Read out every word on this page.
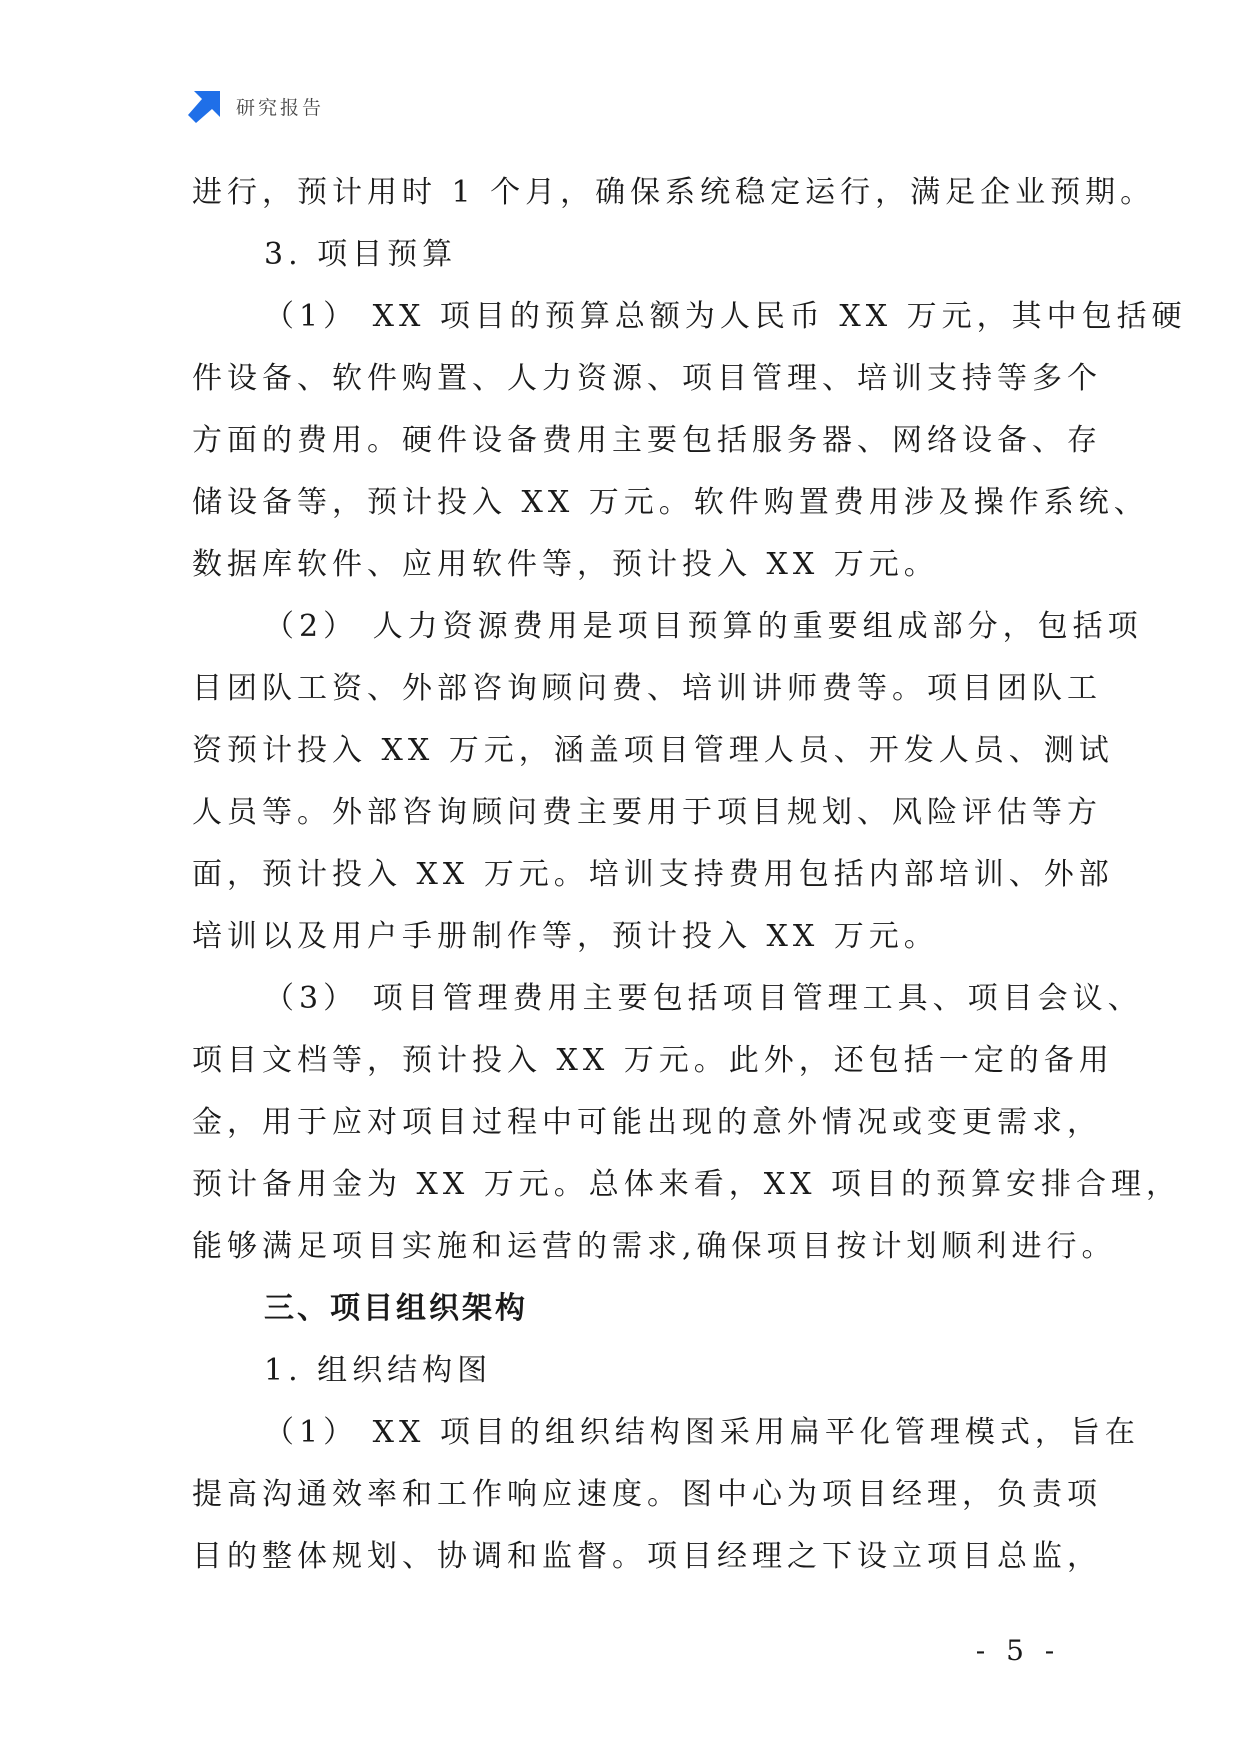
研究报告

进行，预计用时 1 个月，确保系统稳定运行，满足企业预期。

3. 项目预算

（1） XX 项目的预算总额为人民币 XX 万元，其中包括硬

件设备、软件购置、人力资源、项目管理、培训支持等多个

方面的费用。硬件设备费用主要包括服务器、网络设备、存

储设备等，预计投入 XX 万元。软件购置费用涉及操作系统、

数据库软件、应用软件等，预计投入 XX 万元。

（2） 人力资源费用是项目预算的重要组成部分，包括项

目团队工资、外部咨询顾问费、培训讲师费等。项目团队工

资预计投入 XX 万元，涵盖项目管理人员、开发人员、测试

人员等。外部咨询顾问费主要用于项目规划、风险评估等方

面，预计投入 XX 万元。培训支持费用包括内部培训、外部

培训以及用户手册制作等，预计投入 XX 万元。

（3） 项目管理费用主要包括项目管理工具、项目会议、

项目文档等，预计投入 XX 万元。此外，还包括一定的备用

金，用于应对项目过程中可能出现的意外情况或变更需求，

预计备用金为 XX 万元。总体来看，XX 项目的预算安排合理，

能够满足项目实施和运营的需求,确保项目按计划顺利进行。

三、项目组织架构

1. 组织结构图

（1） XX 项目的组织结构图采用扁平化管理模式，旨在

提高沟通效率和工作响应速度。图中心为项目经理，负责项

目的整体规划、协调和监督。项目经理之下设立项目总监，

- 5 -
